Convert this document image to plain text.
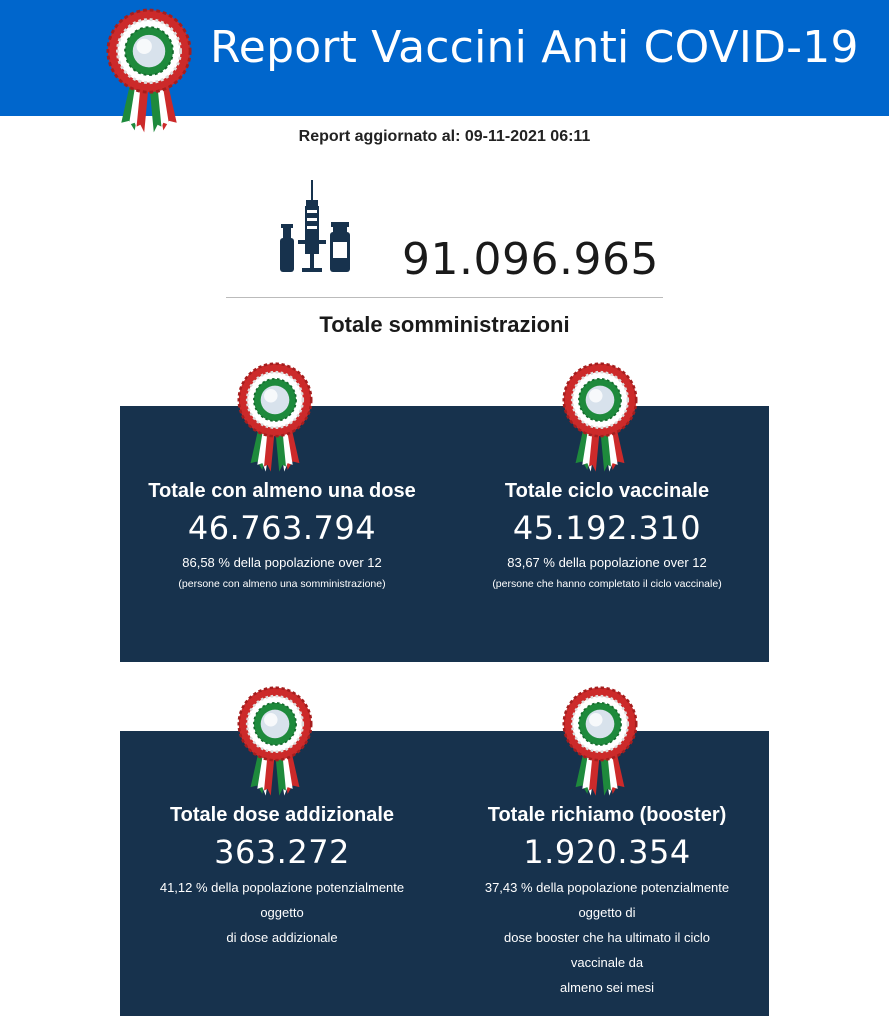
Report Vaccini Anti COVID-19
Report aggiornato al: 09-11-2021 06:11
91.096.965
Totale somministrazioni
Totale con almeno una dose
46.763.794
86,58 % della popolazione over 12
(persone con almeno una somministrazione)
Totale ciclo vaccinale
45.192.310
83,67 % della popolazione over 12
(persone che hanno completato il ciclo vaccinale)
Totale dose addizionale
363.272
41,12 % della popolazione potenzialmente
oggetto
di dose addizionale
Totale richiamo (booster)
1.920.354
37,43 % della popolazione potenzialmente
oggetto di
dose booster che ha ultimato il ciclo
vaccinale da
almeno sei mesi
